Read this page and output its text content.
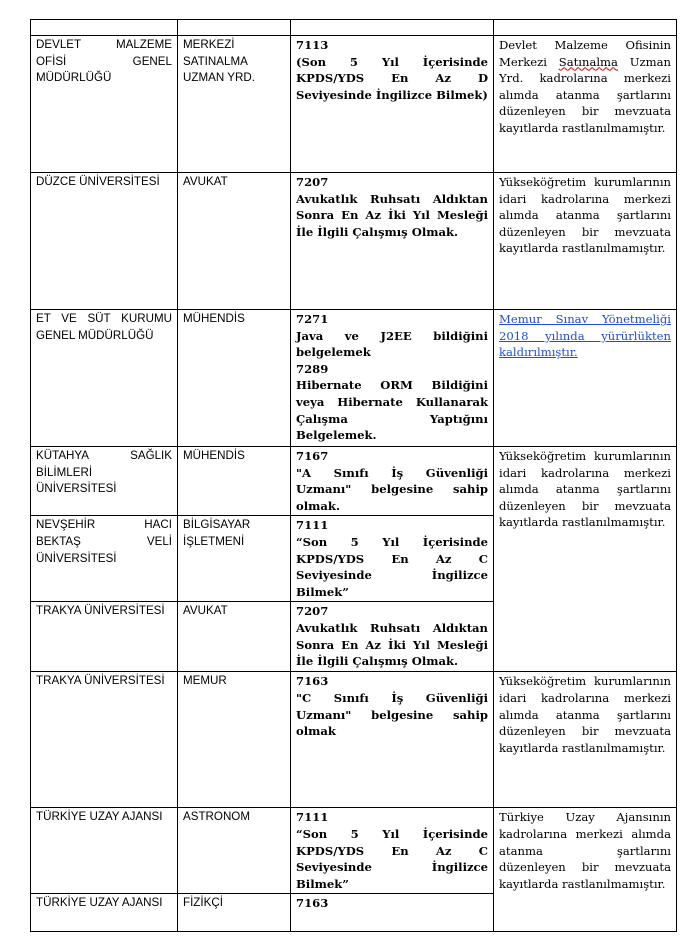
DEVLET MALZEME OFİSİ GENEL MÜDÜRLÜĞÜ	MERKEZİ SATINALMA UZMAN YRD.	7113
(Son 5 Yıl İçerisinde KPDS/YDS En Az D Seviyesinde İngilizce Bilmek)	Devlet Malzeme Ofisinin Merkezi Satınalma Uzman Yrd. kadrolarına merkezi alımda atanma şartlarını düzenleyen bir mevzuata kayıtlarda rastlanılmamıştır.
DÜZCE ÜNİVERSİTESİ	AVUKAT	7207
Avukatlık Ruhsatı Aldıktan Sonra En Az İki Yıl Mesleği İle İlgili Çalışmış Olmak.	Yükseköğretim kurumlarının idari kadrolarına merkezi alımda atanma şartlarını düzenleyen bir mevzuata kayıtlarda rastlanılmamıştır.
ET VE SÜT KURUMU GENEL MÜDÜRLÜĞÜ	MÜHENDİS	7271
Java ve J2EE bildiğini belgelemek
7289
Hibernate ORM Bildiğini veya Hibernate Kullanarak Çalışma Yaptığını Belgelemek.	Memur Sınav Yönetmeliği 2018 yılında yürürlükten kaldırılmıştır.
KÜTAHYA SAĞLIK BİLİMLERİ ÜNİVERSİTESİ	MÜHENDİS	7167
"A Sınıfı İş Güvenliği Uzmanı" belgesine sahip olmak.	Yükseköğretim kurumlarının idari kadrolarına merkezi alımda atanma şartlarını düzenleyen bir mevzuata kayıtlarda rastlanılmamıştır.
NEVŞEHİR HACI BEKTAŞ VELİ ÜNİVERSİTESİ	BİLGİSAYAR İŞLETMENİ	7111
“Son 5 Yıl İçerisinde KPDS/YDS En Az C Seviyesinde İngilizce Bilmek”	

TRAKYA ÜNİVERSİTESİ	AVUKAT	7207
Avukatlık Ruhsatı Aldıktan Sonra En Az İki Yıl Mesleği İle İlgili Çalışmış Olmak.	

TRAKYA ÜNİVERSİTESİ	MEMUR	7163
"C Sınıfı İş Güvenliği Uzmanı" belgesine sahip olmak	Yükseköğretim kurumlarının idari kadrolarına merkezi alımda atanma şartlarını düzenleyen bir mevzuata kayıtlarda rastlanılmamıştır.
TÜRKİYE UZAY AJANSI	ASTRONOM	7111
“Son 5 Yıl İçerisinde KPDS/YDS En Az C Seviyesinde İngilizce Bilmek”	Türkiye Uzay Ajansının kadrolarına merkezi alımda atanma şartlarını düzenleyen bir mevzuata kayıtlarda rastlanılmamıştır.
TÜRKİYE UZAY AJANSI	FİZİKÇİ	7163	
